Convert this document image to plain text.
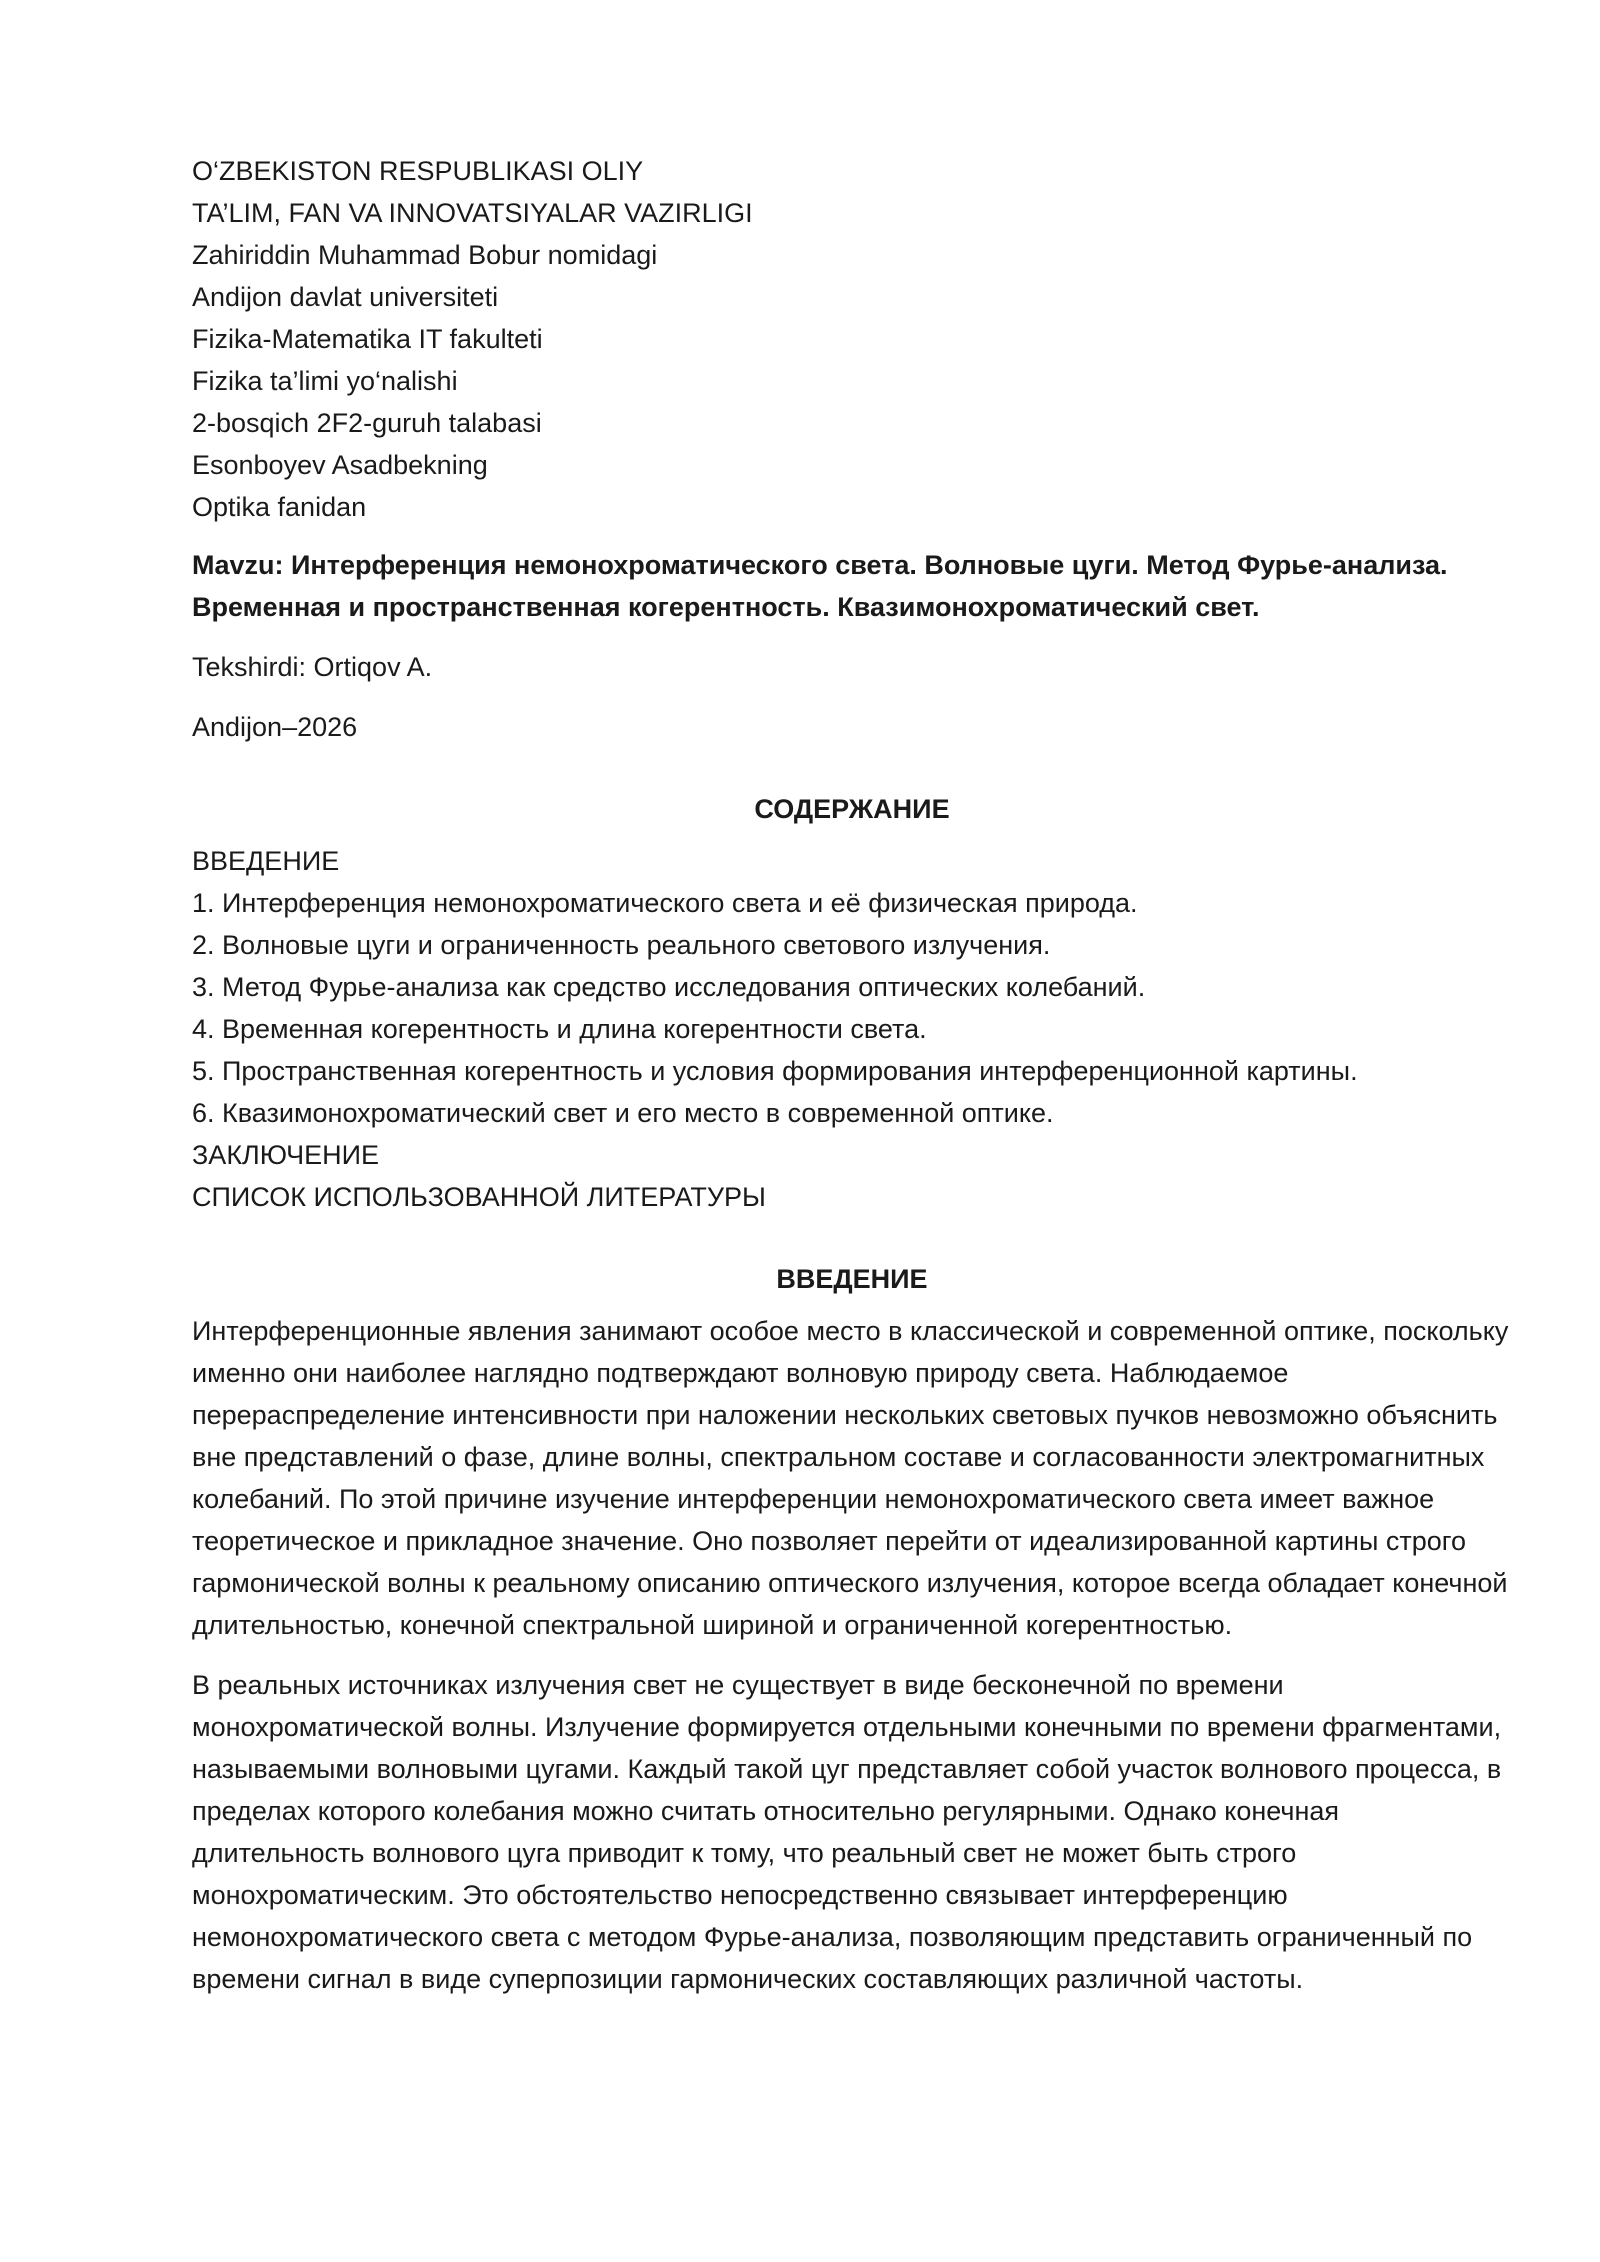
O‘ZBEKISTON RESPUBLIKASI OLIY
TA’LIM, FAN VA INNOVATSIYALAR VAZIRLIGI
Zahiriddin Muhammad Bobur nomidagi
Andijon davlat universiteti
Fizika-Matematika IT fakulteti
Fizika ta’limi yo‘nalishi
2-bosqich 2F2-guruh talabasi
Esonboyev Asadbekning
Optika fanidan
Mavzu: Интерференция немонохроматического света. Волновые цуги. Метод Фурье-анализа. Временная и пространственная когерентность. Квазимонохроматический свет.
Tekshirdi: Ortiqov A.
Andijon–2026
СОДЕРЖАНИЕ
ВВЕДЕНИЕ
1. Интерференция немонохроматического света и её физическая природа.
2. Волновые цуги и ограниченность реального светового излучения.
3. Метод Фурье-анализа как средство исследования оптических колебаний.
4. Временная когерентность и длина когерентности света.
5. Пространственная когерентность и условия формирования интерференционной картины.
6. Квазимонохроматический свет и его место в современной оптике.
ЗАКЛЮЧЕНИЕ
СПИСОК ИСПОЛЬЗОВАННОЙ ЛИТЕРАТУРЫ
ВВЕДЕНИЕ

Интерференционные явления занимают особое место в классической и современной оптике, поскольку именно они наиболее наглядно подтверждают волновую природу света. Наблюдаемое перераспределение интенсивности при наложении нескольких световых пучков невозможно объяснить вне представлений о фазе, длине волны, спектральном составе и согласованности электромагнитных колебаний. По этой причине изучение интерференции немонохроматического света имеет важное теоретическое и прикладное значение. Оно позволяет перейти от идеализированной картины строго гармонической волны к реальному описанию оптического излучения, которое всегда обладает конечной длительностью, конечной спектральной шириной и ограниченной когерентностью.

В реальных источниках излучения свет не существует в виде бесконечной по времени монохроматической волны. Излучение формируется отдельными конечными по времени фрагментами, называемыми волновыми цугами. Каждый такой цуг представляет собой участок волнового процесса, в пределах которого колебания можно считать относительно регулярными. Однако конечная длительность волнового цуга приводит к тому, что реальный свет не может быть строго монохроматическим. Это обстоятельство непосредственно связывает интерференцию немонохроматического света с методом Фурье-анализа, позволяющим представить ограниченный по времени сигнал в виде суперпозиции гармонических составляющих различной частоты.
